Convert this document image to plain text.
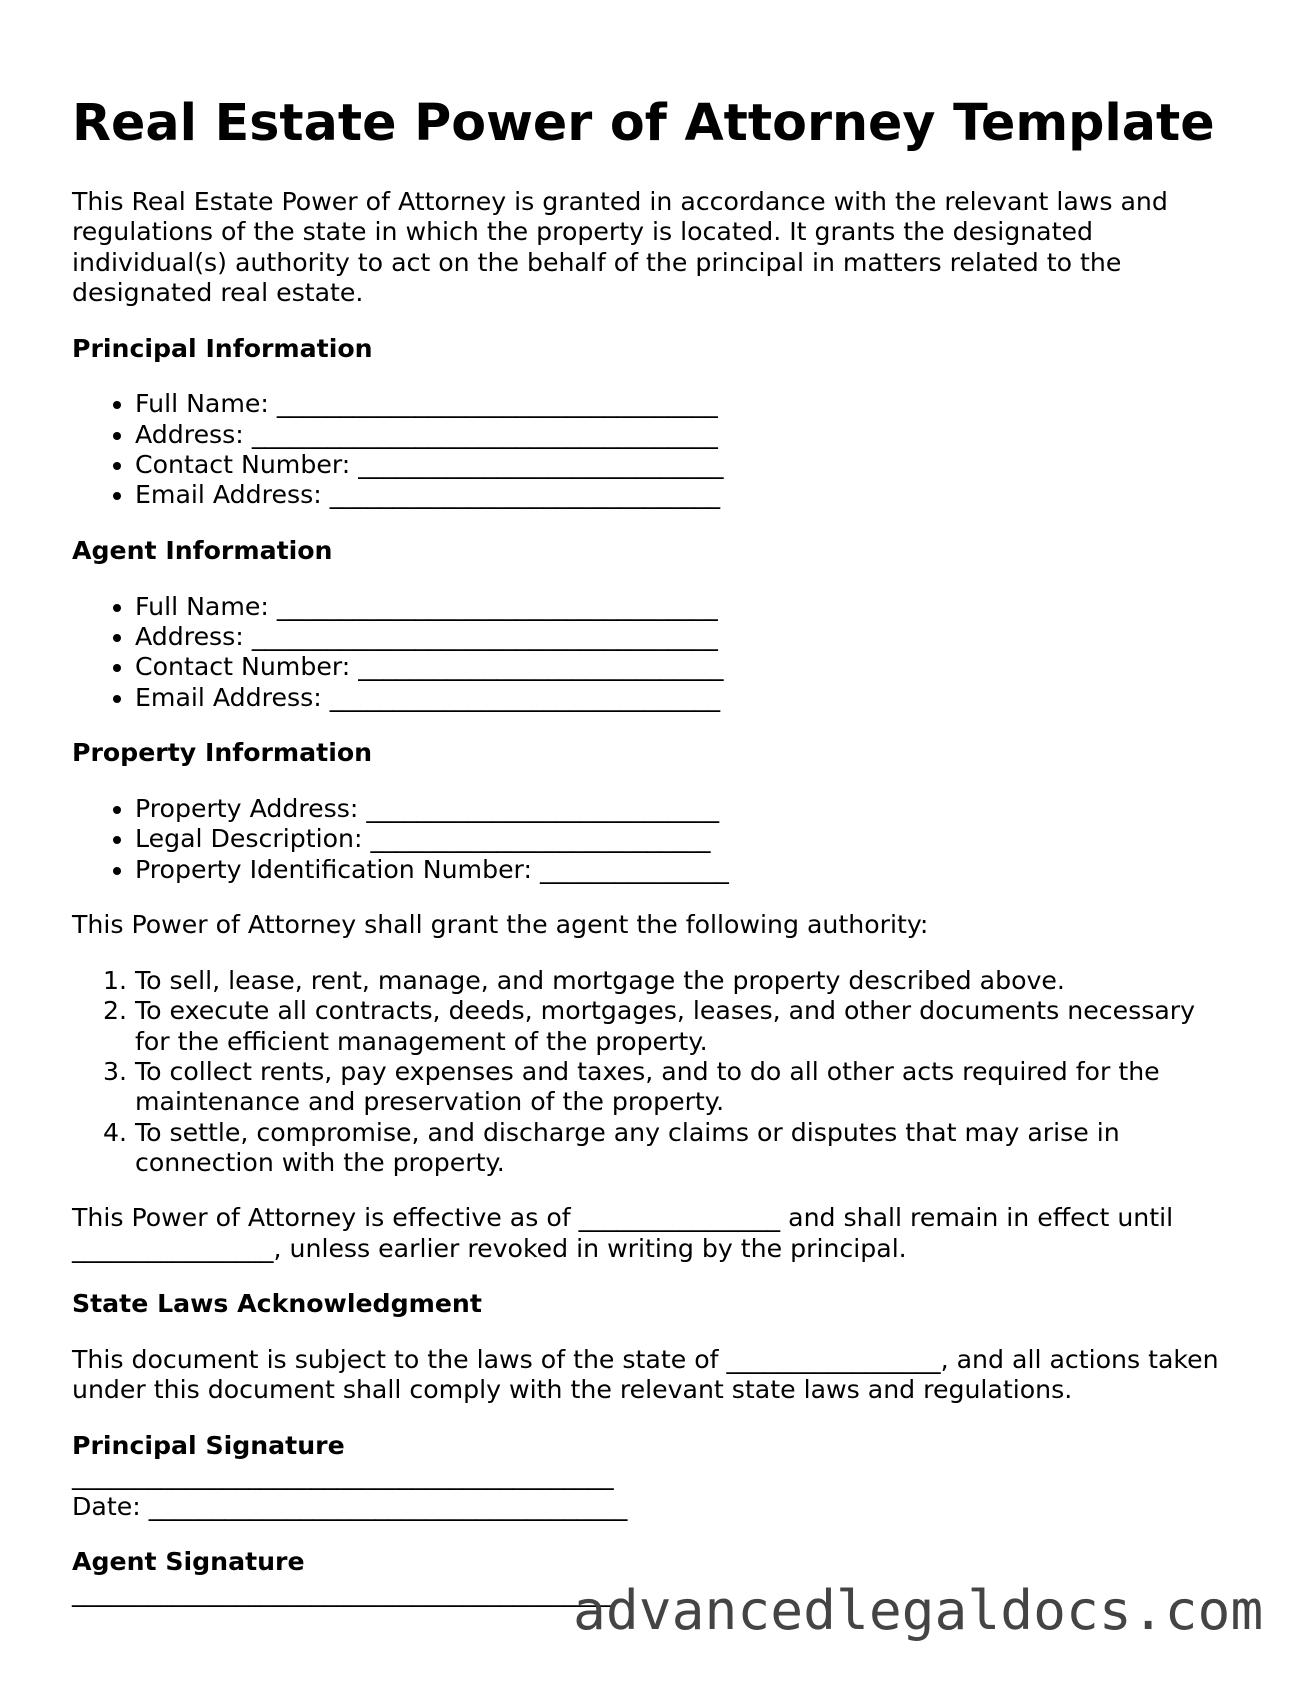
Real Estate Power of Attorney Template

This Real Estate Power of Attorney is granted in accordance with the relevant laws and regulations of the state in which the property is located. It grants the designated individual(s) authority to act on the behalf of the principal in matters related to the designated real estate.

Principal Information
• Full Name: ___________________________________
• Address: _____________________________________
• Contact Number: _____________________________
• Email Address: _______________________________
Agent Information
• Full Name: ___________________________________
• Address: _____________________________________
• Contact Number: _____________________________
• Email Address: _______________________________
Property Information
• Property Address: ____________________________
• Legal Description: ___________________________
• Property Identification Number: _______________

This Power of Attorney shall grant the agent the following authority:

1. To sell, lease, rent, manage, and mortgage the property described above.
2. To execute all contracts, deeds, mortgages, leases, and other documents necessary for the efficient management of the property.
3. To collect rents, pay expenses and taxes, and to do all other acts required for the maintenance and preservation of the property.
4. To settle, compromise, and discharge any claims or disputes that may arise in connection with the property.

This Power of Attorney is effective as of ________________ and shall remain in effect until ________________, unless earlier revoked in writing by the principal.

State Laws Acknowledgment

This document is subject to the laws of the state of _________________, and all actions taken under this document shall comply with the relevant state laws and regulations.

Principal Signature
___________________________________________
Date: ______________________________________

Agent Signature
___________________________________________

advancedlegaldocs.com
